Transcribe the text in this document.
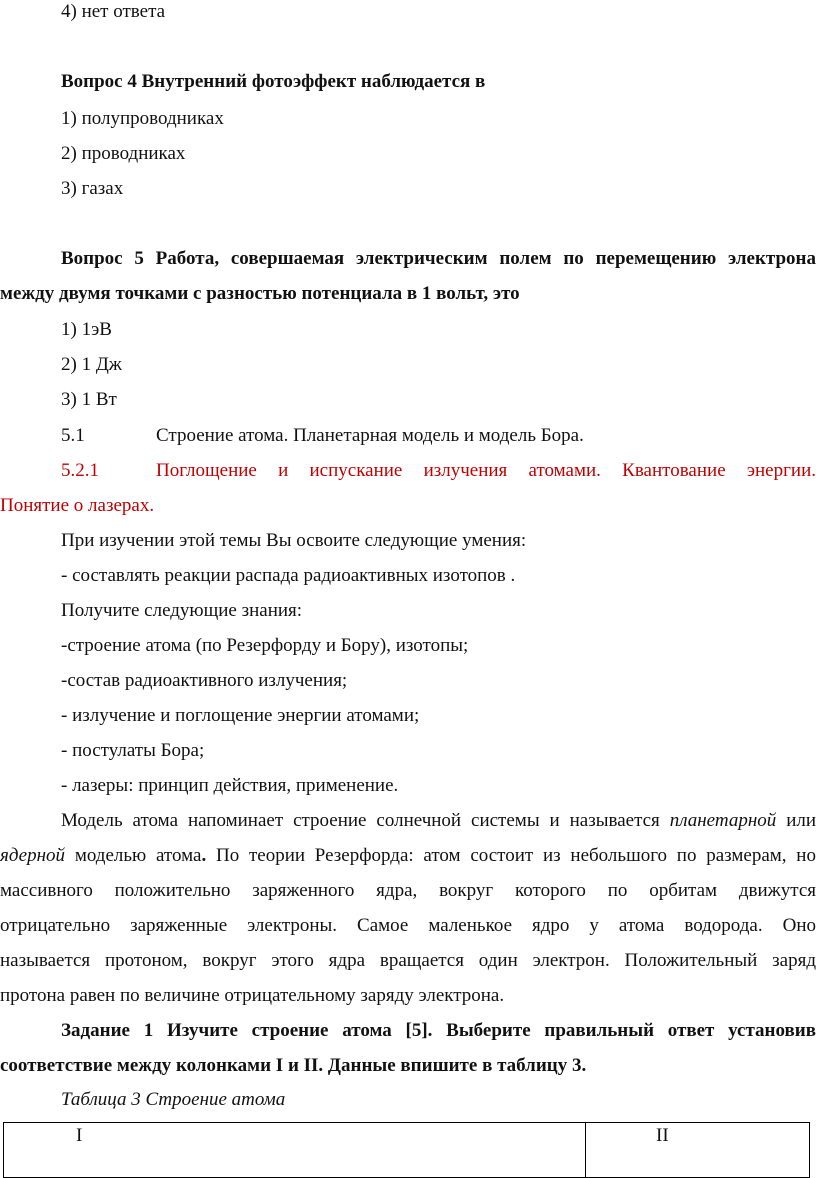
4) нет ответа
Вопрос 4 Внутренний фотоэффект наблюдается в
1) полупроводниках
2) проводниках
3) газах
Вопрос 5 Работа, совершаемая электрическим полем по перемещению электрона
между двумя точками с разностью потенциала в 1 вольт, это
1) 1эВ
2) 1 Дж
3) 1 Вт
5.1	Строение атома. Планетарная модель и модель Бора.
5.2.1	Поглощение и испускание излучения атомами. Квантование энергии.
Понятие о лазерах.
При изучении этой темы Вы освоите следующие умения:
- составлять реакции распада радиоактивных изотопов .
Получите следующие знания:
-строение атома (по Резерфорду и Бору), изотопы;
-состав радиоактивного излучения;
- излучение и поглощение энергии атомами;
- постулаты Бора;
- лазеры: принцип действия, применение.
Модель атома напоминает строение солнечной системы и называется планетарной или
ядерной моделью атома. По теории Резерфорда: атом состоит из небольшого по размерам, но
массивного положительно заряженного ядра, вокруг которого по орбитам движутся
отрицательно заряженные электроны. Самое маленькое ядро у атома водорода. Оно
называется протоном, вокруг этого ядра вращается один электрон. Положительный заряд
протона равен по величине отрицательному заряду электрона.
Задание 1 Изучите строение атома [5]. Выберите правильный ответ установив
соответствие между колонками I и II. Данные впишите в таблицу 3.
Таблица 3 Строение атома
I	II
